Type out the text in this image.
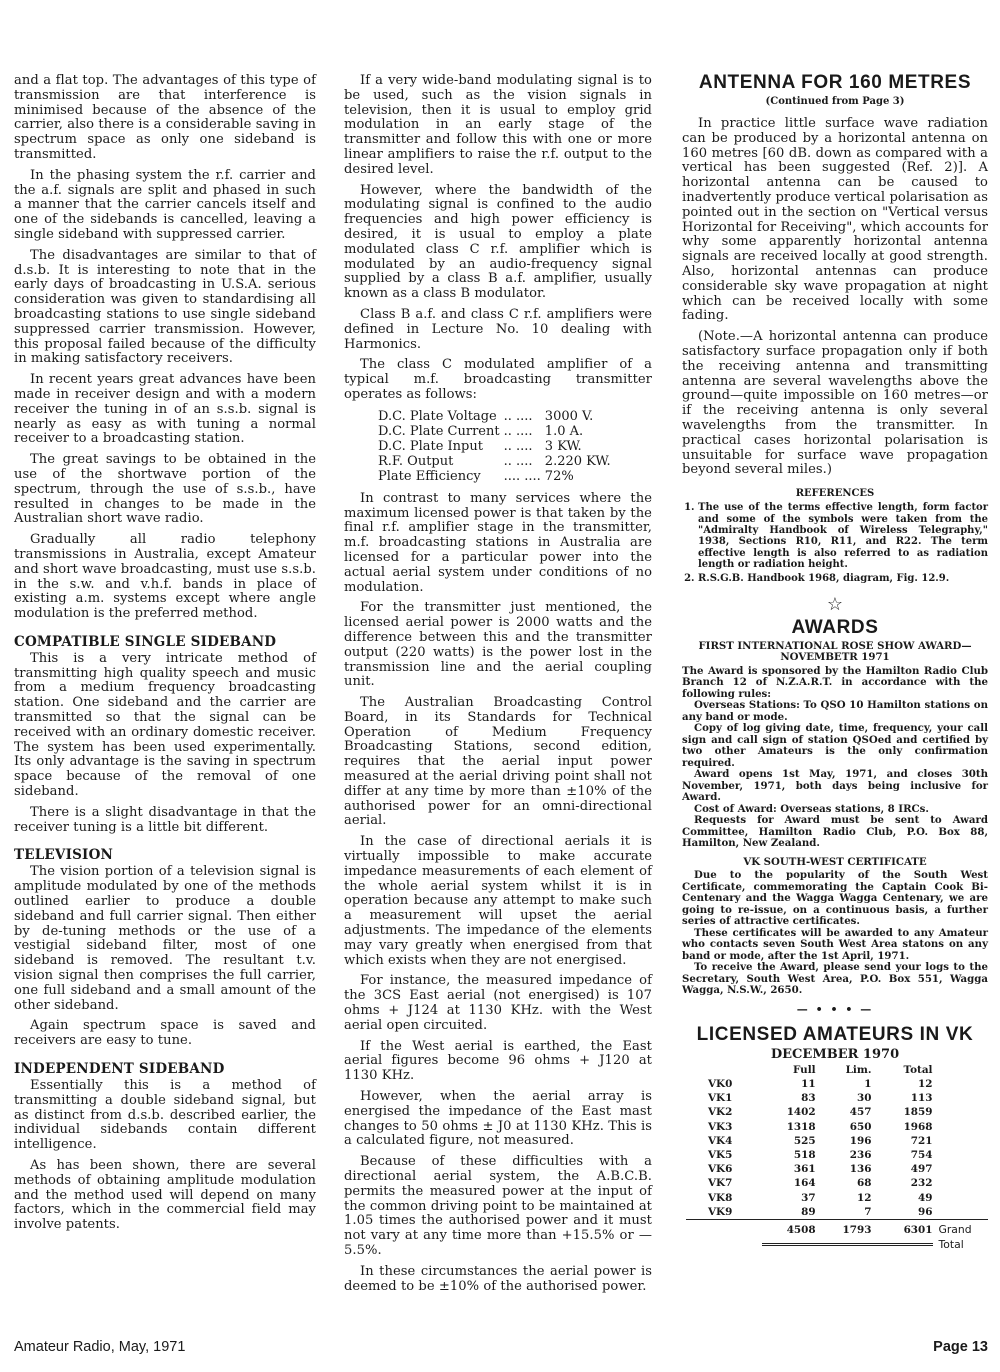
and a flat top. The advantages of this type of transmission are that interference is minimised because of the absence of the carrier, also there is a considerable saving in spectrum space as only one sideband is transmitted.

In the phasing system the r.f. carrier and the a.f. signals are split and phased in such a manner that the carrier cancels itself and one of the sidebands is cancelled, leaving a single sideband with suppressed carrier.

The disadvantages are similar to that of d.s.b. It is interesting to note that in the early days of broadcasting in U.S.A. serious consideration was given to standardising all broadcasting stations to use single sideband suppressed carrier transmission. However, this proposal failed because of the difficulty in making satisfactory receivers.

In recent years great advances have been made in receiver design and with a modern receiver the tuning in of an s.s.b. signal is nearly as easy as with tuning a normal receiver to a broadcasting station.

The great savings to be obtained in the use of the shortwave portion of the spectrum, through the use of s.s.b., have resulted in changes to be made in the Australian short wave radio.

Gradually all radio telephony transmissions in Australia, except Amateur and short wave broadcasting, must use s.s.b. in the s.w. and v.h.f. bands in place of existing a.m. systems except where angle modulation is the preferred method.

COMPATIBLE SINGLE SIDEBAND

This is a very intricate method of transmitting high quality speech and music from a medium frequency broadcasting station. One sideband and the carrier are transmitted so that the signal can be received with an ordinary domestic receiver. The system has been used experimentally. Its only advantage is the saving in spectrum space because of the removal of one sideband.

There is a slight disadvantage in that the receiver tuning is a little bit different.

TELEVISION

The vision portion of a television signal is amplitude modulated by one of the methods outlined earlier to produce a double sideband and full carrier signal. Then either by de-tuning methods or the use of a vestigial sideband filter, most of one sideband is removed. The resultant t.v. vision signal then comprises the full carrier, one full sideband and a small amount of the other sideband.

Again spectrum space is saved and receivers are easy to tune.

INDEPENDENT SIDEBAND

Essentially this is a method of transmitting a double sideband signal, but as distinct from d.s.b. described earlier, the individual sidebands contain different intelligence.

As has been shown, there are several methods of obtaining amplitude modulation and the method used will depend on many factors, which in the commercial field may involve patents.

If a very wide-band modulating signal is to be used, such as the vision signals in television, then it is usual to employ grid modulation in an early stage of the transmitter and follow this with one or more linear amplifiers to raise the r.f. output to the desired level.

However, where the bandwidth of the modulating signal is confined to the audio frequencies and high power efficiency is desired, it is usual to employ a plate modulated class C r.f. amplifier which is modulated by an audio-frequency signal supplied by a class B a.f. amplifier, usually known as a class B modulator.

Class B a.f. and class C r.f. amplifiers were defined in Lecture No. 10 dealing with Harmonics.

The class C modulated amplifier of a typical m.f. broadcasting transmitter operates as follows:

D.C. Plate Voltage	.. ....	3000 V.
D.C. Plate Current	.. ....	1.0 A.
D.C. Plate Input	.. ....	3 KW.
R.F. Output	.. ....	2.220 KW.
Plate Efficiency	.... ....	72%

In contrast to many services where the maximum licensed power is that taken by the final r.f. amplifier stage in the transmitter, m.f. broadcasting stations in Australia are licensed for a particular power into the actual aerial system under conditions of no modulation.

For the transmitter just mentioned, the licensed aerial power is 2000 watts and the difference between this and the transmitter output (220 watts) is the power lost in the transmission line and the aerial coupling unit.

The Australian Broadcasting Control Board, in its Standards for Technical Operation of Medium Frequency Broadcasting Stations, second edition, requires that the aerial input power measured at the aerial driving point shall not differ at any time by more than ±10% of the authorised power for an omni-directional aerial.

In the case of directional aerials it is virtually impossible to make accurate impedance measurements of each element of the whole aerial system whilst it is in operation because any attempt to make such a measurement will upset the aerial adjustments. The impedance of the elements may vary greatly when energised from that which exists when they are not energised.

For instance, the measured impedance of the 3CS East aerial (not energised) is 107 ohms + J124 at 1130 KHz. with the West aerial open circuited.

If the West aerial is earthed, the East aerial figures become 96 ohms + J120 at 1130 KHz.

However, when the aerial array is energised the impedance of the East mast changes to 50 ohms ± J0 at 1130 KHz. This is a calculated figure, not measured.

Because of these difficulties with a directional aerial system, the A.B.C.B. permits the measured power at the input of the common driving point to be maintained at 1.05 times the authorised power and it must not vary at any time more than +15.5% or —5.5%.

In these circumstances the aerial power is deemed to be ±10% of the authorised power.

ANTENNA FOR 160 METRES
(Continued from Page 3)

In practice little surface wave radiation can be produced by a horizontal antenna on 160 metres [60 dB. down as compared with a vertical has been suggested (Ref. 2)]. A horizontal antenna can be caused to inadvertently produce vertical polarisation as pointed out in the section on "Vertical versus Horizontal for Receiving", which accounts for why some apparently horizontal antenna signals are received locally at good strength. Also, horizontal antennas can produce considerable sky wave propagation at night which can be received locally with some fading.

(Note.—A horizontal antenna can produce satisfactory surface propagation only if both the receiving antenna and transmitting antenna are several wavelengths above the ground—quite impossible on 160 metres—or if the receiving antenna is only several wavelengths from the transmitter. In practical cases horizontal polarisation is unsuitable for surface wave propagation beyond several miles.)

REFERENCES
1. The use of the terms effective length, form factor and some of the symbols were taken from the "Admiralty Handbook of Wireless Telegraphy," 1938, Sections R10, R11, and R22. The term effective length is also referred to as radiation length or radiation height.
2. R.S.G.B. Handbook 1968, diagram, Fig. 12.9.
☆
AWARDS
FIRST INTERNATIONAL ROSE SHOW AWARD—NOVEMBETR 1971

The Award is sponsored by the Hamilton Radio Club Branch 12 of N.Z.A.R.T. in accordance with the following rules:

Overseas Stations: To QSO 10 Hamilton stations on any band or mode.

Copy of log giving date, time, frequency, your call sign and call sign of station QSOed and certified by two other Amateurs is the only confirmation required.

Award opens 1st May, 1971, and closes 30th November, 1971, both days being inclusive for Award.

Cost of Award: Overseas stations, 8 IRCs.

Requests for Award must be sent to Award Committee, Hamilton Radio Club, P.O. Box 88, Hamilton, New Zealand.

VK SOUTH-WEST CERTIFICATE

Due to the popularity of the South West Certificate, commemorating the Captain Cook Bi-Centenary and the Wagga Wagga Centenary, we are going to re-issue, on a continuous basis, a further series of attractive certificates.

These certificates will be awarded to any Amateur who contacts seven South West Area statons on any band or mode, after the 1st April, 1971.

To receive the Award, please send your logs to the Secretary, South West Area, P.O. Box 551, Wagga Wagga, N.S.W., 2650.

— • • • —
LICENSED AMATEURS IN VK
DECEMBER 1970
	Full	Lim.	Total	
VK0	11	1	12	
VK1	83	30	113	
VK2	1402	457	1859	
VK3	1318	650	1968	
VK4	525	196	721	
VK5	518	236	754	
VK6	361	136	497	
VK7	164	68	232	
VK8	37	12	49	
VK9	89	7	96	
	4508	1793	6301	Grand

	Total
Amateur Radio, May, 1971	Page 13
